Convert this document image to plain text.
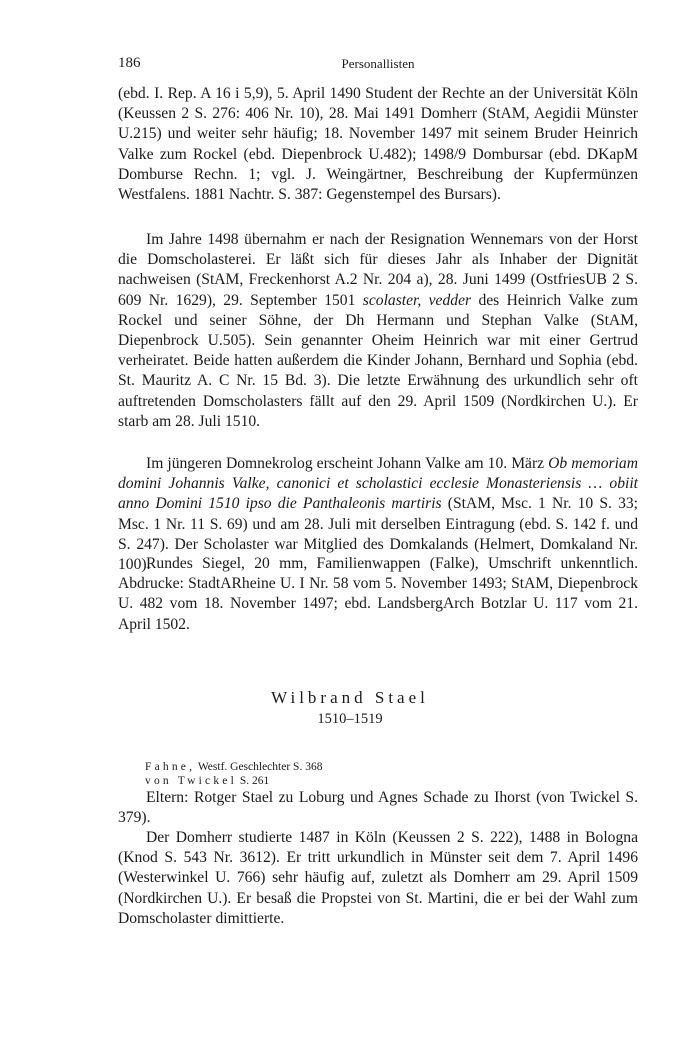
186	Personallisten

(ebd. I. Rep. A 16 i 5,9), 5. April 1490 Student der Rechte an der Universität Köln (Keussen 2 S. 276: 406 Nr. 10), 28. Mai 1491 Domherr (StAM, Aegidii Münster U.215) und weiter sehr häufig; 18. November 1497 mit seinem Bruder Heinrich Valke zum Rockel (ebd. Diepenbrock U.482); 1498/9 Dombursar (ebd. DKapM Domburse Rechn. 1; vgl. J. Weingärtner, Beschreibung der Kupfermünzen Westfalens. 1881 Nachtr. S. 387: Gegenstempel des Bursars).

Im Jahre 1498 übernahm er nach der Resignation Wennemars von der Horst die Domscholasterei. Er läßt sich für dieses Jahr als Inhaber der Dignität nachweisen (StAM, Freckenhorst A.2 Nr. 204 a), 28. Juni 1499 (OstfriesUB 2 S. 609 Nr. 1629), 29. September 1501 scolaster, vedder des Heinrich Valke zum Rockel und seiner Söhne, der Dh Hermann und Stephan Valke (StAM, Diepenbrock U.505). Sein genannter Oheim Heinrich war mit einer Gertrud verheiratet. Beide hatten außerdem die Kinder Johann, Bernhard und Sophia (ebd. St. Mauritz A. C Nr. 15 Bd. 3). Die letzte Erwähnung des urkundlich sehr oft auftretenden Domscholasters fällt auf den 29. April 1509 (Nordkirchen U.). Er starb am 28. Juli 1510.

Im jüngeren Domnekrolog erscheint Johann Valke am 10. März Ob memoriam domini Johannis Valke, canonici et scholastici ecclesie Monasteriensis … obiit anno Domini 1510 ipso die Panthaleonis martiris (StAM, Msc. 1 Nr. 10 S. 33; Msc. 1 Nr. 11 S. 69) und am 28. Juli mit derselben Eintragung (ebd. S. 142 f. und S. 247). Der Scholaster war Mitglied des Domkalands (Helmert, Domkaland Nr. 100).

Rundes Siegel, 20 mm, Familienwappen (Falke), Umschrift unkenntlich. Abdrucke: StadtARheine U. I Nr. 58 vom 5. November 1493; StAM, Diepenbrock U. 482 vom 18. November 1497; ebd. LandsbergArch Botzlar U. 117 vom 21. April 1502.

Wilbrand Stael

1510–1519

Fahne, Westf. Geschlechter S. 368

von Twickel S. 261

Eltern: Rotger Stael zu Loburg und Agnes Schade zu Ihorst (von Twickel S. 379).

Der Domherr studierte 1487 in Köln (Keussen 2 S. 222), 1488 in Bologna (Knod S. 543 Nr. 3612). Er tritt urkundlich in Münster seit dem 7. April 1496 (Westerwinkel U. 766) sehr häufig auf, zuletzt als Domherr am 29. April 1509 (Nordkirchen U.). Er besaß die Propstei von St. Martini, die er bei der Wahl zum Domscholaster dimittierte.
